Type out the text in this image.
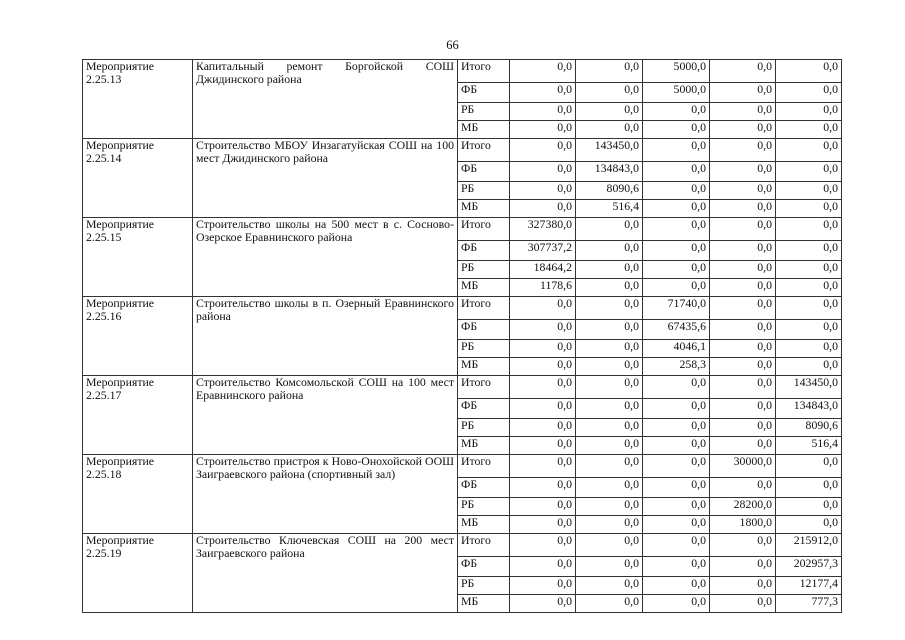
66
Мероприятие 2.25.13	Капитальный ремонт Боргойской СОШ Джидинского района	Итого	0,0	0,0	5000,0	0,0	0,0
		ФБ	0,0	0,0	5000,0	0,0	0,0
		РБ	0,0	0,0	0,0	0,0	0,0
		МБ	0,0	0,0	0,0	0,0	0,0
Мероприятие 2.25.14	Строительство МБОУ Инзагатуйская СОШ на 100 мест Джидинского района	Итого	0,0	143450,0	0,0	0,0	0,0
		ФБ	0,0	134843,0	0,0	0,0	0,0
		РБ	0,0	8090,6	0,0	0,0	0,0
		МБ	0,0	516,4	0,0	0,0	0,0
Мероприятие 2.25.15	Строительство школы на 500 мест в с. Сосново-Озерское Еравнинского района	Итого	327380,0	0,0	0,0	0,0	0,0
		ФБ	307737,2	0,0	0,0	0,0	0,0
		РБ	18464,2	0,0	0,0	0,0	0,0
		МБ	1178,6	0,0	0,0	0,0	0,0
Мероприятие 2.25.16	Строительство школы в п. Озерный Еравнинского района	Итого	0,0	0,0	71740,0	0,0	0,0
		ФБ	0,0	0,0	67435,6	0,0	0,0
		РБ	0,0	0,0	4046,1	0,0	0,0
		МБ	0,0	0,0	258,3	0,0	0,0
Мероприятие 2.25.17	Строительство Комсомольской СОШ на 100 мест Еравнинского района	Итого	0,0	0,0	0,0	0,0	143450,0
		ФБ	0,0	0,0	0,0	0,0	134843,0
		РБ	0,0	0,0	0,0	0,0	8090,6
		МБ	0,0	0,0	0,0	0,0	516,4
Мероприятие 2.25.18	Строительство пристроя к Ново-Онохойской ООШ Заиграевского района (спортивный зал)	Итого	0,0	0,0	0,0	30000,0	0,0
		ФБ	0,0	0,0	0,0	0,0	0,0
		РБ	0,0	0,0	0,0	28200,0	0,0
		МБ	0,0	0,0	0,0	1800,0	0,0
Мероприятие 2.25.19	Строительство Ключевская СОШ на 200 мест Заиграевского района	Итого	0,0	0,0	0,0	0,0	215912,0
		ФБ	0,0	0,0	0,0	0,0	202957,3
		РБ	0,0	0,0	0,0	0,0	12177,4
		МБ	0,0	0,0	0,0	0,0	777,3
